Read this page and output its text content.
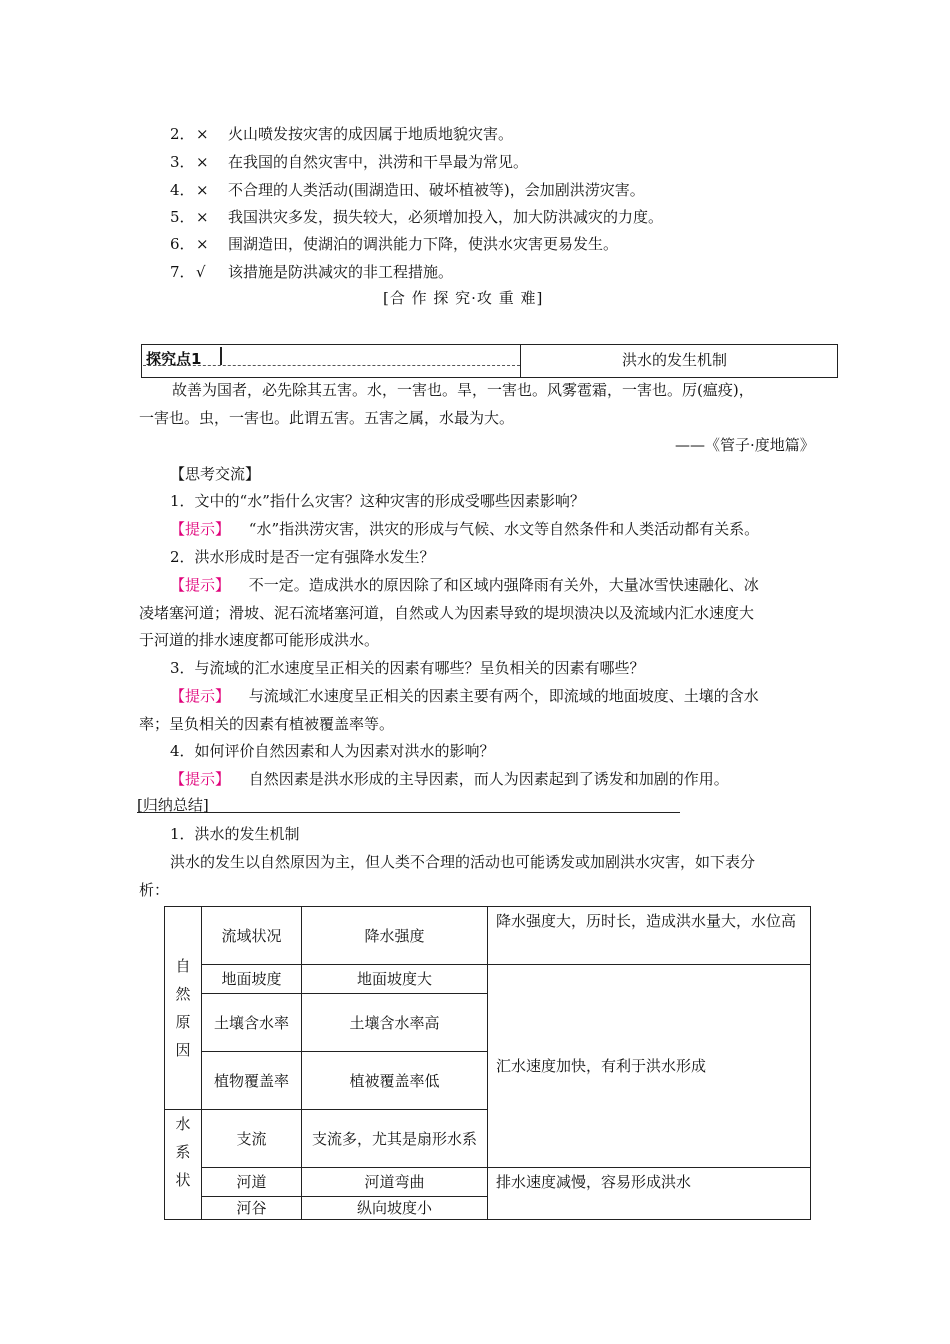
2．× 火山喷发按灾害的成因属于地质地貌灾害。
3．× 在我国的自然灾害中，洪涝和干旱最为常见。
4．× 不合理的人类活动(围湖造田、破坏植被等)，会加剧洪涝灾害。
5．× 我国洪灾多发，损失较大，必须增加投入，加大防洪减灾的力度。
6．× 围湖造田，使湖泊的调洪能力下降，使洪水灾害更易发生。
7．√ 该措施是防洪减灾的非工程措施。
[合 作 探 究·攻 重 难]
探究点1	洪水的发生机制
故善为国者，必先除其五害。水，一害也。旱，一害也。风雾雹霜，一害也。厉(瘟疫)，
一害也。虫，一害也。此谓五害。五害之属，水最为大。
——《管子·度地篇》
【思考交流】
1．文中的“水”指什么灾害？这种灾害的形成受哪些因素影响？
【提示】 “水”指洪涝灾害，洪灾的形成与气候、水文等自然条件和人类活动都有关系。
2．洪水形成时是否一定有强降水发生？
【提示】 不一定。造成洪水的原因除了和区域内强降雨有关外，大量冰雪快速融化、冰
凌堵塞河道；滑坡、泥石流堵塞河道，自然或人为因素导致的堤坝溃决以及流域内汇水速度大
于河道的排水速度都可能形成洪水。
3．与流域的汇水速度呈正相关的因素有哪些？呈负相关的因素有哪些？
【提示】 与流域汇水速度呈正相关的因素主要有两个，即流域的地面坡度、土壤的含水
率；呈负相关的因素有植被覆盖率等。
4．如何评价自然因素和人为因素对洪水的影响？
【提示】 自然因素是洪水形成的主导因素，而人为因素起到了诱发和加剧的作用。
[归纳总结]
1．洪水的发生机制
洪水的发生以自然原因为主，但人类不合理的活动也可能诱发或加剧洪水灾害，如下表分
析：
自然原因	流域状况	降水强度	降水强度大，历时长，造成洪水量大，水位高
	地面坡度	地面坡度大	汇水速度加快，有利于洪水形成
	土壤含水率	土壤含水率高	
	植物覆盖率	植被覆盖率低	

水系状	支流	支流多，尤其是扇形水系	
	河道	河道弯曲	排水速度减慢，容易形成洪水
	河谷	纵向坡度小	
